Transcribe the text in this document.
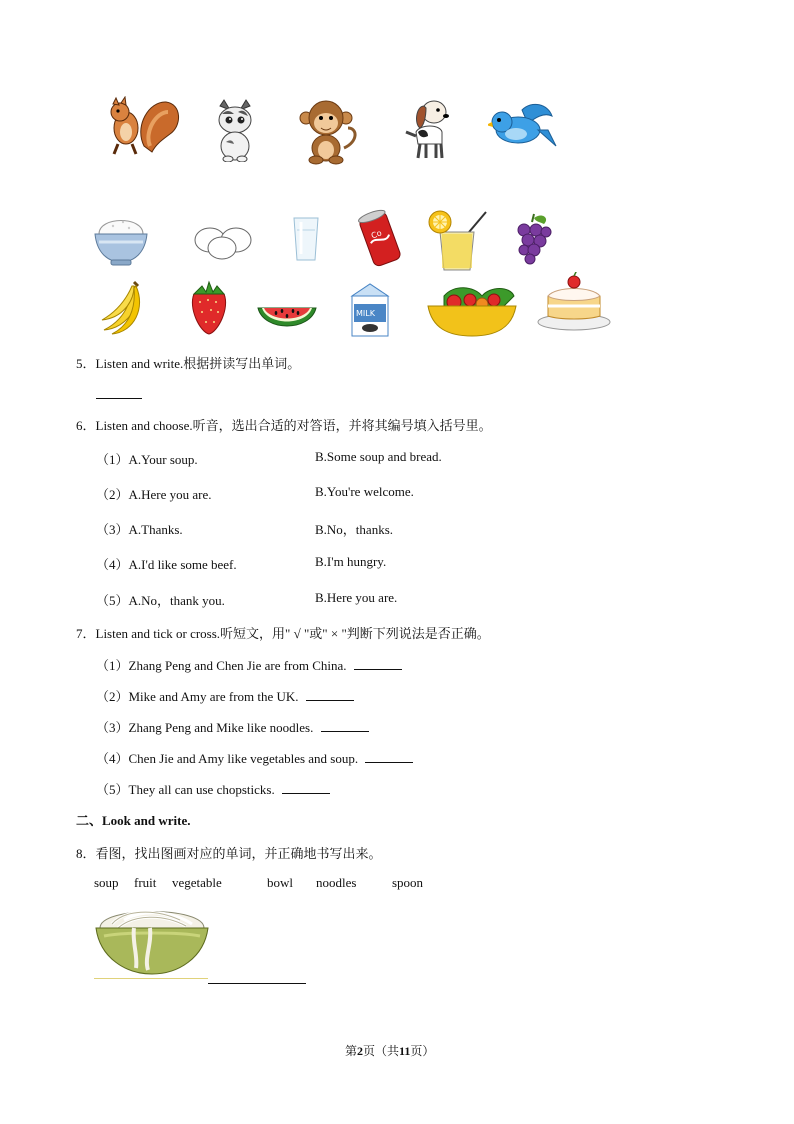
Co
MILK
5．Listen and write.根据拼读写出单词。
6．Listen and choose.听音，选出合适的对答语，并将其编号填入括号里。
（1）A.Your soup.	B.Some soup and bread.
（2）A.Here you are.	B.You're welcome.
（3）A.Thanks.	B.No，thanks.
（4）A.I'd like some beef.	B.I'm hungry.
（5）A.No，thank you.	B.Here you are.
7．Listen and tick or cross.听短文，用" √ "或" × "判断下列说法是否正确。
（1）Zhang Peng and Chen Jie are from China.
（2）Mike and Amy are from the UK.
（3）Zhang Peng and Mike like noodles.
（4）Chen Jie and Amy like vegetables and soup.
（5）They all can use chopsticks.
二、Look and write.
8．看图，找出图画对应的单词，并正确地书写出来。
soup fruit vegetable	bowl noodles	spoon
第2页（共11页）
